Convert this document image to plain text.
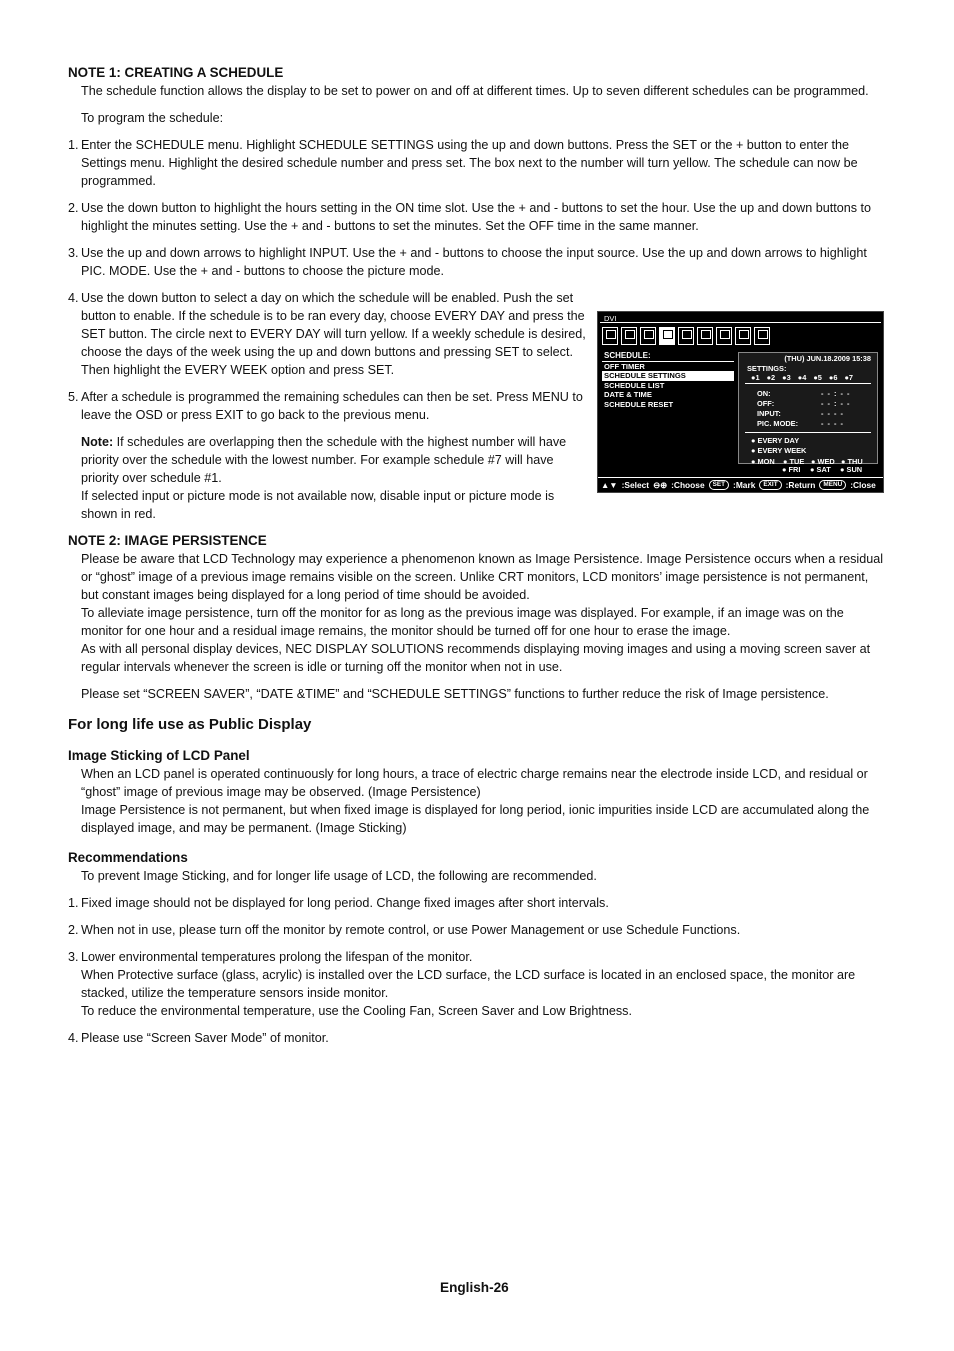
NOTE 1: CREATING A SCHEDULE

The schedule function allows the display to be set to power on and off at different times. Up to seven different schedules can be programmed.

To program the schedule:

1. Enter the SCHEDULE menu. Highlight SCHEDULE SETTINGS using the up and down buttons. Press the SET or the + button to enter the Settings menu. Highlight the desired schedule number and press set. The box next to the number will turn yellow. The schedule can now be programmed.
2. Use the down button to highlight the hours setting in the ON time slot. Use the + and - buttons to set the hour. Use the up and down buttons to highlight the minutes setting. Use the + and - buttons to set the minutes. Set the OFF time in the same manner.
3. Use the up and down arrows to highlight INPUT. Use the + and - buttons to choose the input source. Use the up and down arrows to highlight PIC. MODE. Use the + and - buttons to choose the picture mode.
4. Use the down button to select a day on which the schedule will be enabled. Push the set button to enable. If the schedule is to be ran every day, choose EVERY DAY and press the SET button. The circle next to EVERY DAY will turn yellow. If a weekly schedule is desired, choose the days of the week using the up and down buttons and pressing SET to select. Then highlight the EVERY WEEK option and press SET.
5. After a schedule is programmed the remaining schedules can then be set. Press MENU to leave the OSD or press EXIT to go back to the previous menu.

Note: If schedules are overlapping then the schedule with the highest number will have priority over the schedule with the lowest number. For example schedule #7 will have priority over schedule #1.

If selected input or picture mode is not available now, disable input or picture mode is shown in red.

NOTE 2: IMAGE PERSISTENCE

Please be aware that LCD Technology may experience a phenomenon known as Image Persistence. Image Persistence occurs when a residual or “ghost” image of a previous image remains visible on the screen. Unlike CRT monitors, LCD monitors’ image persistence is not permanent, but constant images being displayed for a long period of time should be avoided.

To alleviate image persistence, turn off the monitor for as long as the previous image was displayed. For example, if an image was on the monitor for one hour and a residual image remains, the monitor should be turned off for one hour to erase the image.

As with all personal display devices, NEC DISPLAY SOLUTIONS recommends displaying moving images and using a moving screen saver at regular intervals whenever the screen is idle or turning off the monitor when not in use.

Please set “SCREEN SAVER”, “DATE &TIME” and “SCHEDULE SETTINGS” functions to further reduce the risk of Image persistence.

For long life use as Public Display
Image Sticking of LCD Panel

When an LCD panel is operated continuously for long hours, a trace of electric charge remains near the electrode inside LCD, and residual or “ghost” image of previous image may be observed. (Image Persistence)

Image Persistence is not permanent, but when fixed image is displayed for long period, ionic impurities inside LCD are accumulated along the displayed image, and may be permanent. (Image Sticking)

Recommendations

To prevent Image Sticking, and for longer life usage of LCD, the following are recommended.

1. Fixed image should not be displayed for long period. Change fixed images after short intervals.
2. When not in use, please turn off the monitor by remote control, or use Power Management or use Schedule Functions.
3. Lower environmental temperatures prolong the lifespan of the monitor.
When Protective surface (glass, acrylic) is installed over the LCD surface, the LCD surface is located in an enclosed space, the monitor are stacked, utilize the temperature sensors inside monitor.
To reduce the environmental temperature, use the Cooling Fan, Screen Saver and Low Brightness.
4. Please use “Screen Saver Mode” of monitor.
DVI
SCHEDULE:
OFF TIMER
SCHEDULE SETTINGS
SCHEDULE LIST
DATE & TIME
SCHEDULE RESET
(THU) JUN.18.2009 15:38
SETTINGS:
●1 ●2 ●3 ●4 ●5 ●6 ●7
ON:	- - : - -
OFF:	- - : - -
INPUT:	- - - -
PIC. MODE:	- - - -
● EVERY DAY
● EVERY WEEK
● MON ● TUE ● WED ● THU
● FRI ● SAT ● SUN
▲▼ :Select ⊖⊕ :Choose	SET :Mark	EXIT :Return	MENU :Close
English-26
